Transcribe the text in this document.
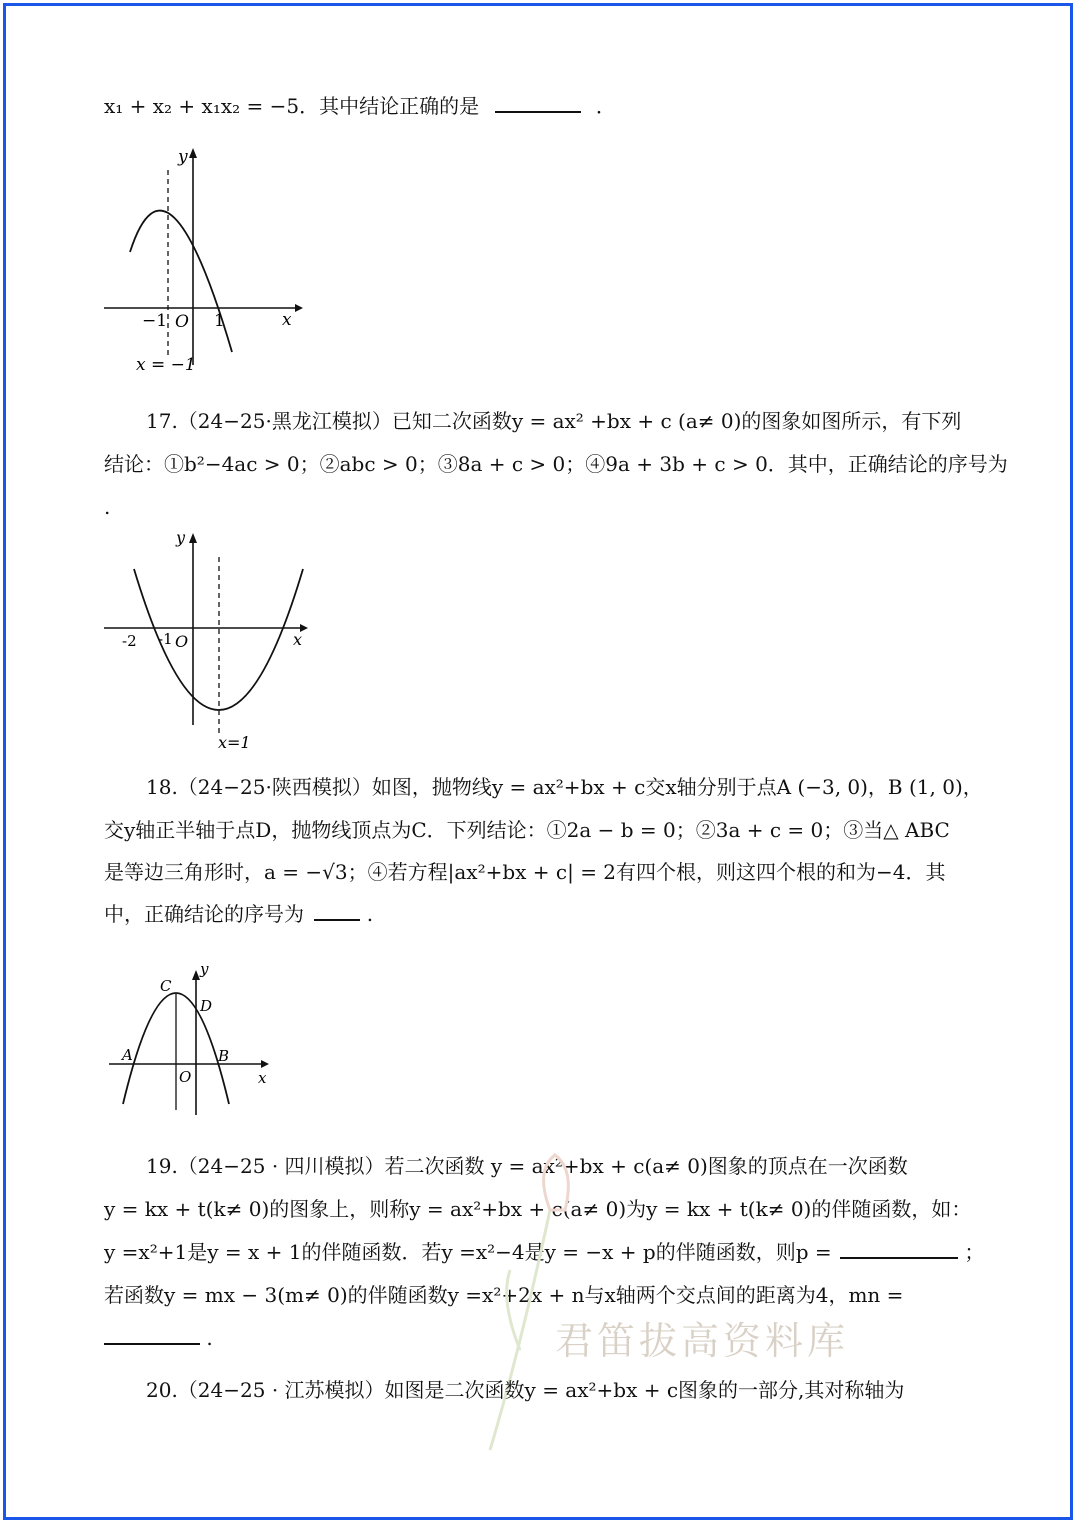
x₁ + x₂ + x₁x₂ = −5．其中结论正确的是	．
y
x
O
−1	1
x = −1
17.（24−25·黑龙江模拟）已知二次函数y = ax² +bx + c (a≠ 0)的图象如图所示，有下列
结论：①b²−4ac > 0；②abc > 0；③8a + c > 0；④9a + 3b + c > 0．其中，正确结论的序号为
.
y
x
O
-2 -1
x=1
18.（24−25·陕西模拟）如图，抛物线y = ax²+bx + c交x轴分别于点A (−3, 0)，B (1, 0)，
交y轴正半轴于点D，抛物线顶点为C．下列结论：①2a − b = 0；②3a + c = 0；③当△ ABC
是等边三角形时，a = −√3；④若方程|ax²+bx + c| = 2有四个根，则这四个根的和为−4．其
中，正确结论的序号为	.
y
x
O
A	B
C
D
19.（24−25 · 四川模拟）若二次函数 y = ax²+bx + c(a≠ 0)图象的顶点在一次函数
y = kx + t(k≠ 0)的图象上，则称y = ax²+bx + c(a≠ 0)为y = kx + t(k≠ 0)的伴随函数，如：
y =x²+1是y = x + 1的伴随函数．若y =x²−4是y = −x + p的伴随函数，则p =	；
若函数y = mx − 3(m≠ 0)的伴随函数y =x²+2x + n与x轴两个交点间的距离为4，mn =
.	君笛拔高资料库
20.（24−25 · 江苏模拟）如图是二次函数y = ax²+bx + c图象的一部分,其对称轴为
